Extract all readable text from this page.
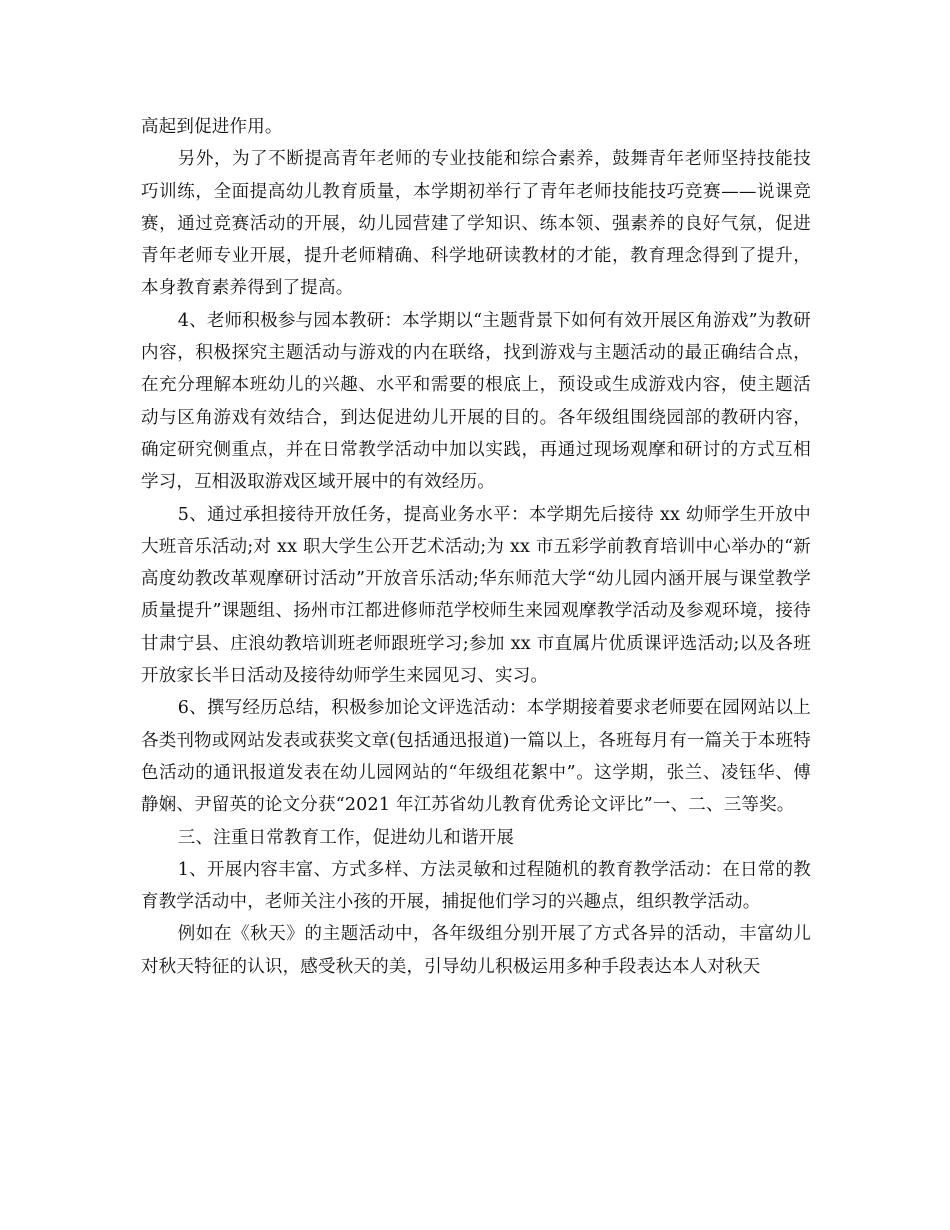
高起到促进作用。

另外，为了不断提高青年老师的专业技能和综合素养，鼓舞青年老师坚持技能技巧训练，全面提高幼儿教育质量，本学期初举行了青年老师技能技巧竞赛——说课竞赛，通过竞赛活动的开展，幼儿园营建了学知识、练本领、强素养的良好气氛，促进青年老师专业开展，提升老师精确、科学地研读教材的才能，教育理念得到了提升，本身教育素养得到了提高。

4、老师积极参与园本教研：本学期以“主题背景下如何有效开展区角游戏”为教研内容，积极探究主题活动与游戏的内在联络，找到游戏与主题活动的最正确结合点，在充分理解本班幼儿的兴趣、水平和需要的根底上，预设或生成游戏内容，使主题活动与区角游戏有效结合，到达促进幼儿开展的目的。各年级组围绕园部的教研内容，确定研究侧重点，并在日常教学活动中加以实践，再通过现场观摩和研讨的方式互相学习，互相汲取游戏区域开展中的有效经历。

5、通过承担接待开放任务，提高业务水平：本学期先后接待 xx 幼师学生开放中大班音乐活动;对 xx 职大学生公开艺术活动;为 xx 市五彩学前教育培训中心举办的“新高度幼教改革观摩研讨活动”开放音乐活动;华东师范大学“幼儿园内涵开展与课堂教学质量提升”课题组、扬州市江都进修师范学校师生来园观摩教学活动及参观环境，接待甘肃宁县、庄浪幼教培训班老师跟班学习;参加 xx 市直属片优质课评选活动;以及各班开放家长半日活动及接待幼师学生来园见习、实习。

6、撰写经历总结，积极参加论文评选活动：本学期接着要求老师要在园网站以上各类刊物或网站发表或获奖文章(包括通迅报道)一篇以上，各班每月有一篇关于本班特色活动的通讯报道发表在幼儿园网站的“年级组花絮中”。这学期，张兰、凌钰华、傅静娴、尹留英的论文分获“2021 年江苏省幼儿教育优秀论文评比”一、二、三等奖。

三、注重日常教育工作，促进幼儿和谐开展

1、开展内容丰富、方式多样、方法灵敏和过程随机的教育教学活动：在日常的教育教学活动中，老师关注小孩的开展，捕捉他们学习的兴趣点，组织教学活动。

例如在《秋天》的主题活动中，各年级组分别开展了方式各异的活动，丰富幼儿对秋天特征的认识，感受秋天的美，引导幼儿积极运用多种手段表达本人对秋天
